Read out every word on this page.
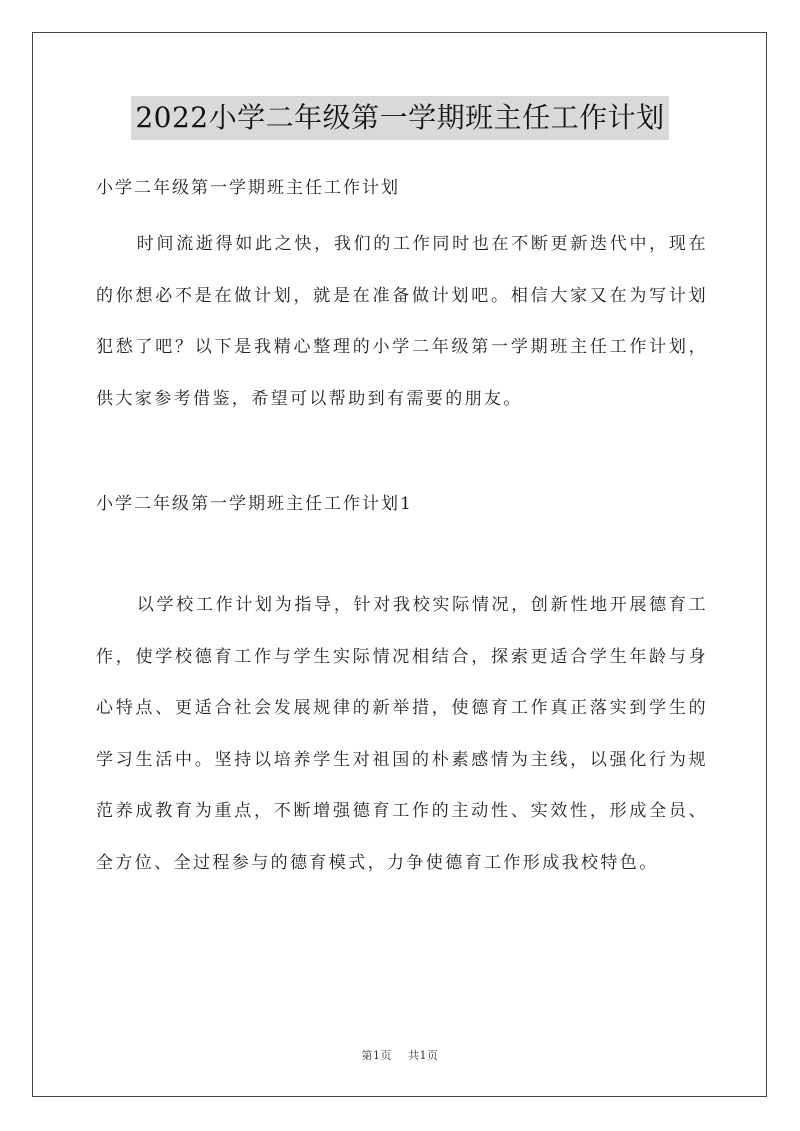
2022小学二年级第一学期班主任工作计划
小学二年级第一学期班主任工作计划

时间流逝得如此之快，我们的工作同时也在不断更新迭代中，现在的你想必不是在做计划，就是在准备做计划吧。相信大家又在为写计划犯愁了吧？以下是我精心整理的小学二年级第一学期班主任工作计划，供大家参考借鉴，希望可以帮助到有需要的朋友。

小学二年级第一学期班主任工作计划1

以学校工作计划为指导，针对我校实际情况，创新性地开展德育工作，使学校德育工作与学生实际情况相结合，探索更适合学生年龄与身心特点、更适合社会发展规律的新举措，使德育工作真正落实到学生的学习生活中。坚持以培养学生对祖国的朴素感情为主线，以强化行为规范养成教育为重点，不断增强德育工作的主动性、实效性，形成全员、全方位、全过程参与的德育模式，力争使德育工作形成我校特色。

第1页 共1页
